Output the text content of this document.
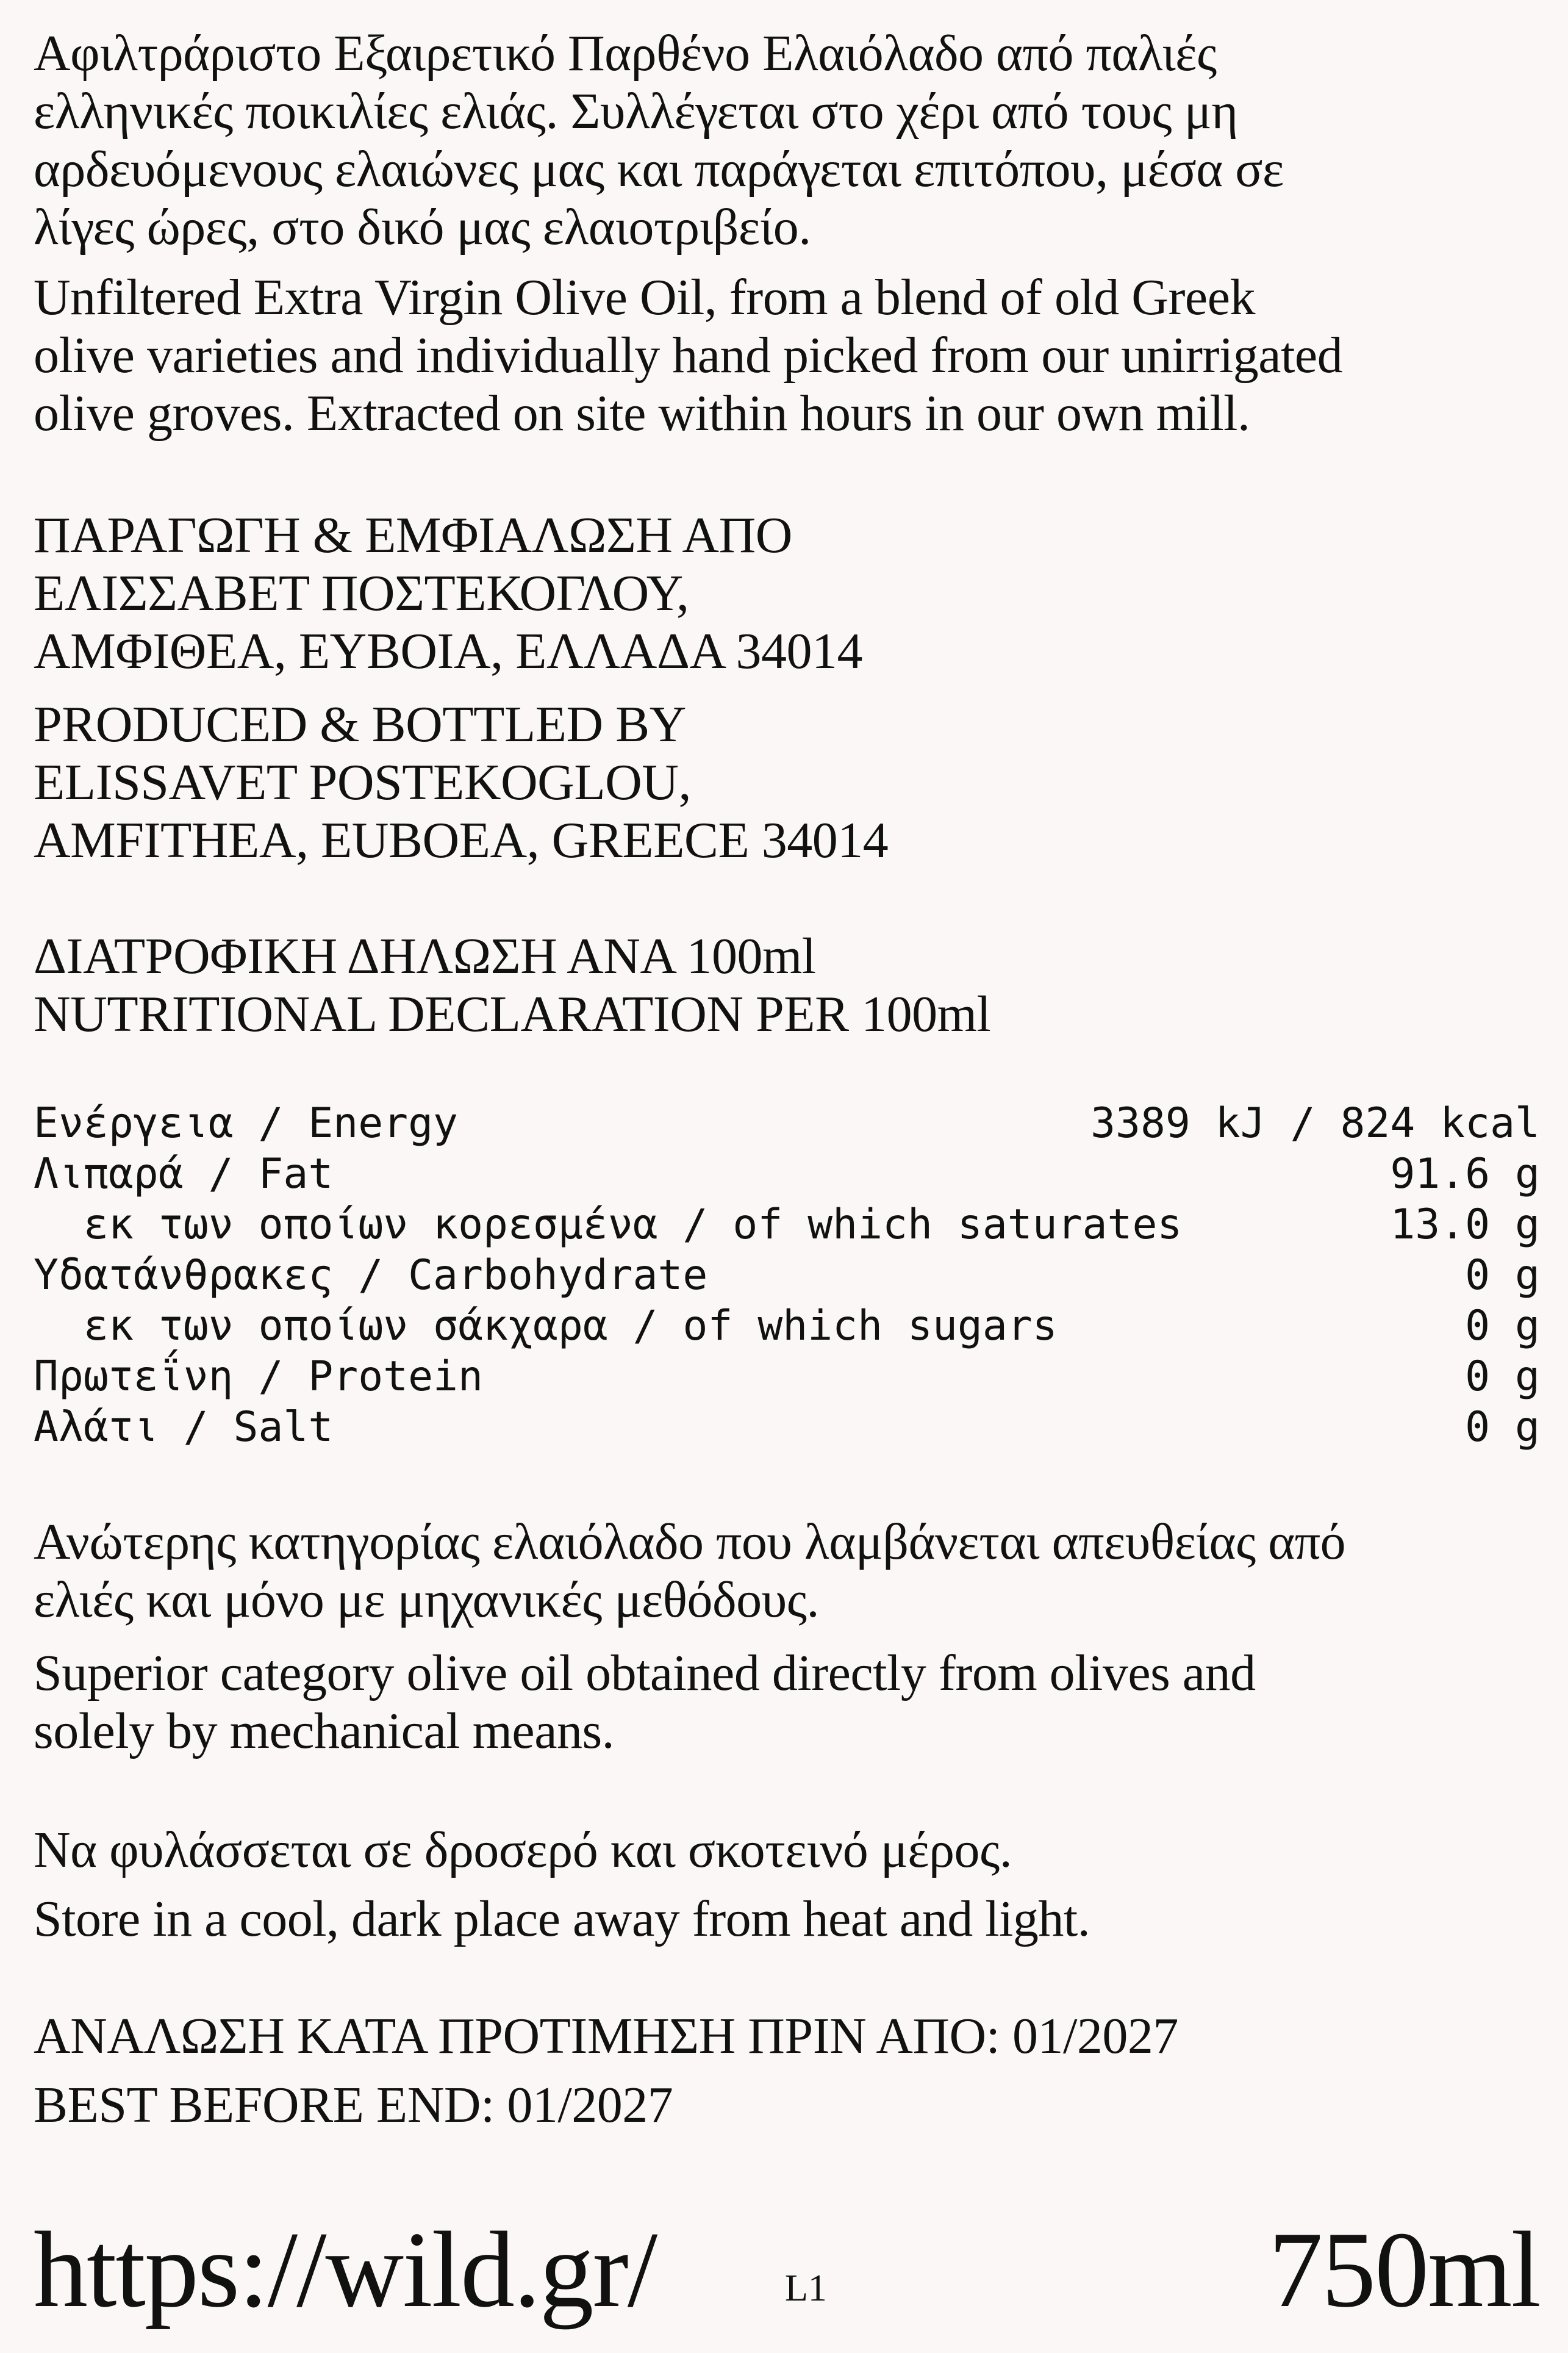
Αφιλτράριστο Εξαιρετικό Παρθένο Ελαιόλαδο από παλιές

ελληνικές ποικιλίες ελιάς. Συλλέγεται στο χέρι από τους μη

αρδευόμενους ελαιώνες μας και παράγεται επιτόπου, μέσα σε

λίγες ώρες, στο δικό μας ελαιοτριβείο.

Unfiltered Extra Virgin Olive Oil, from a blend of old Greek

olive varieties and individually hand picked from our unirrigated

olive groves. Extracted on site within hours in our own mill.

ΠΑΡΑΓΩΓΗ & ΕΜΦΙΑΛΩΣΗ ΑΠΟ

ΕΛΙΣΣΑΒΕΤ ΠΟΣΤΕΚΟΓΛΟΥ,

ΑΜΦΙΘΕΑ, ΕΥΒΟΙΑ, ΕΛΛΑΔΑ 34014

PRODUCED & BOTTLED BY

ELISSAVET POSTEKOGLOU,

AMFITHEA, EUBOEA, GREECE 34014

ΔΙΑΤΡΟΦΙΚΗ ΔΗΛΩΣΗ ΑΝΑ 100ml

NUTRITIONAL DECLARATION PER 100ml

Ενέργεια / Energy

	3389 kJ / 824 kcal

Λιπαρά / Fat

	91.6 g

εκ των οποίων κορεσμένα / of which saturates

	13.0 g

Υδατάνθρακες / Carbohydrate

	0 g

εκ των οποίων σάκχαρα / of which sugars

	0 g

Πρωτεΐνη / Protein

	0 g

Αλάτι / Salt

	0 g

Ανώτερης κατηγορίας ελαιόλαδο που λαμβάνεται απευθείας από

ελιές και μόνο με μηχανικές μεθόδους.

Superior category olive oil obtained directly from olives and

solely by mechanical means.

Να φυλάσσεται σε δροσερό και σκοτεινό μέρος.

Store in a cool, dark place away from heat and light.

ΑΝΑΛΩΣΗ ΚΑΤΑ ΠΡΟΤΙΜΗΣΗ ΠΡΙΝ ΑΠΟ: 01/2027

BEST BEFORE END: 01/2027

https://wild.gr/	L1	750ml
